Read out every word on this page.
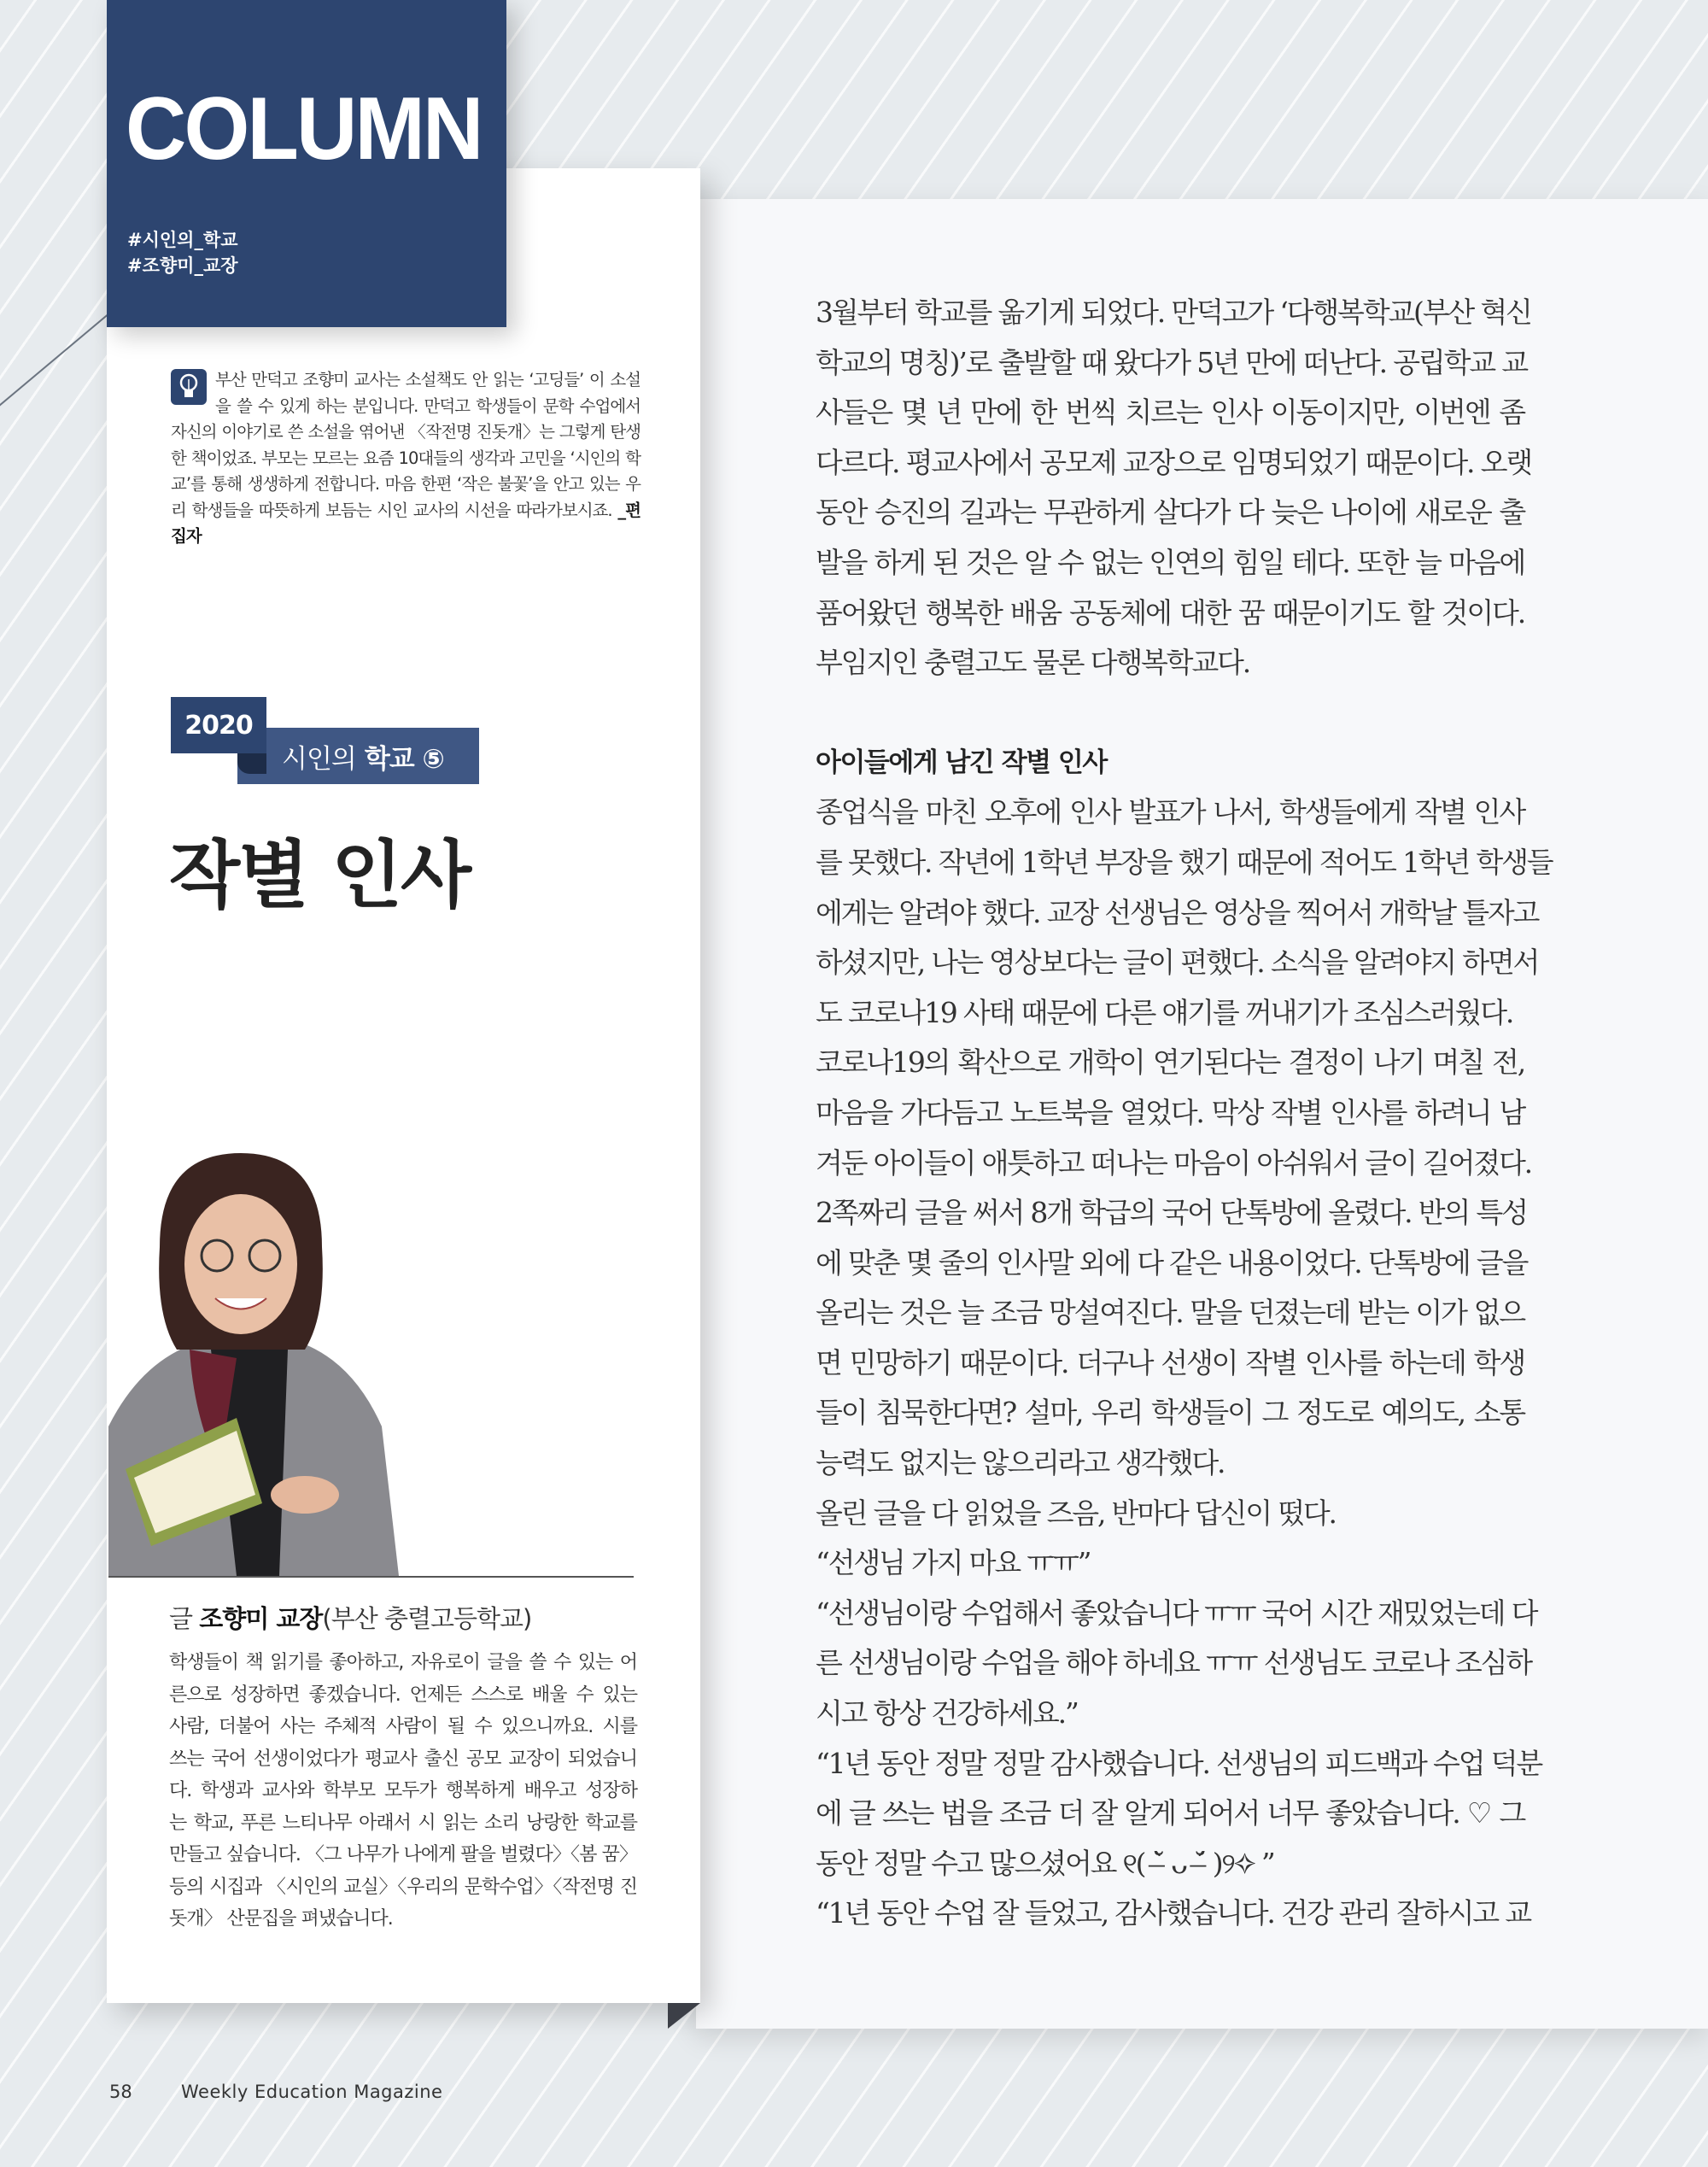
COLUMN
#시인의_학교
#조향미_교장
부산 만덕고 조향미 교사는 소설책도 안 읽는 ‘고딩들’ 이 소설을 쓸 수 있게 하는 분입니다. 만덕고 학생들이 문학 수업에서 자신의 이야기로 쓴 소설을 엮어낸 〈작전명 진돗개〉는 그렇게 탄생한 책이었죠. 부모는 모르는 요즘 10대들의 생각과 고민을 ‘시인의 학교’를 통해 생생하게 전합니다. 마음 한편 ‘작은 불꽃’을 안고 있는 우리 학생들을 따뜻하게 보듬는 시인 교사의 시선을 따라가보시죠. _편집자
시인의 학교 ⑤
2020
작별 인사
글 조향미 교장(부산 충렬고등학교)
학생들이 책 읽기를 좋아하고, 자유로이 글을 쓸 수 있는 어
른으로 성장하면 좋겠습니다. 언제든 스스로 배울 수 있는
사람, 더불어 사는 주체적 사람이 될 수 있으니까요. 시를
쓰는 국어 선생이었다가 평교사 출신 공모 교장이 되었습니
다. 학생과 교사와 학부모 모두가 행복하게 배우고 성장하
는 학교, 푸른 느티나무 아래서 시 읽는 소리 낭랑한 학교를
만들고 싶습니다. 〈그 나무가 나에게 팔을 벌렸다〉〈봄 꿈〉
등의 시집과 〈시인의 교실〉〈우리의 문학수업〉〈작전명 진
돗개〉 산문집을 펴냈습니다.
3월부터 학교를 옮기게 되었다. 만덕고가 ‘다행복학교(부산 혁신
학교의 명칭)’로 출발할 때 왔다가 5년 만에 떠난다. 공립학교 교
사들은 몇 년 만에 한 번씩 치르는 인사 이동이지만, 이번엔 좀
다르다. 평교사에서 공모제 교장으로 임명되었기 때문이다. 오랫
동안 승진의 길과는 무관하게 살다가 다 늦은 나이에 새로운 출
발을 하게 된 것은 알 수 없는 인연의 힘일 테다. 또한 늘 마음에
품어왔던 행복한 배움 공동체에 대한 꿈 때문이기도 할 것이다.
부임지인 충렬고도 물론 다행복학교다.
아이들에게 남긴 작별 인사
종업식을 마친 오후에 인사 발표가 나서, 학생들에게 작별 인사
를 못했다. 작년에 1학년 부장을 했기 때문에 적어도 1학년 학생들
에게는 알려야 했다. 교장 선생님은 영상을 찍어서 개학날 틀자고
하셨지만, 나는 영상보다는 글이 편했다. 소식을 알려야지 하면서
도 코로나19 사태 때문에 다른 얘기를 꺼내기가 조심스러웠다.
코로나19의 확산으로 개학이 연기된다는 결정이 나기 며칠 전,
마음을 가다듬고 노트북을 열었다. 막상 작별 인사를 하려니 남
겨둔 아이들이 애틋하고 떠나는 마음이 아쉬워서 글이 길어졌다.
2쪽짜리 글을 써서 8개 학급의 국어 단톡방에 올렸다. 반의 특성
에 맞춘 몇 줄의 인사말 외에 다 같은 내용이었다. 단톡방에 글을
올리는 것은 늘 조금 망설여진다. 말을 던졌는데 받는 이가 없으
면 민망하기 때문이다. 더구나 선생이 작별 인사를 하는데 학생
들이 침묵한다면? 설마, 우리 학생들이 그 정도로 예의도, 소통
능력도 없지는 않으리라고 생각했다.
올린 글을 다 읽었을 즈음, 반마다 답신이 떴다.
“선생님 가지 마요 ㅠㅠ”
“선생님이랑 수업해서 좋았습니다 ㅠㅠ 국어 시간 재밌었는데 다
른 선생님이랑 수업을 해야 하네요 ㅠㅠ 선생님도 코로나 조심하
시고 항상 건강하세요.”
“1년 동안 정말 정말 감사했습니다. 선생님의 피드백과 수업 덕분
에 글 쓰는 법을 조금 더 잘 알게 되어서 너무 좋았습니다. ♡ 그
동안 정말 수고 많으셨어요 ୧( ˘̶̀ ᴗ ˘̶́ )୨✧ ”
“1년 동안 수업 잘 들었고, 감사했습니다. 건강 관리 잘하시고 교
58	Weekly Education Magazine
